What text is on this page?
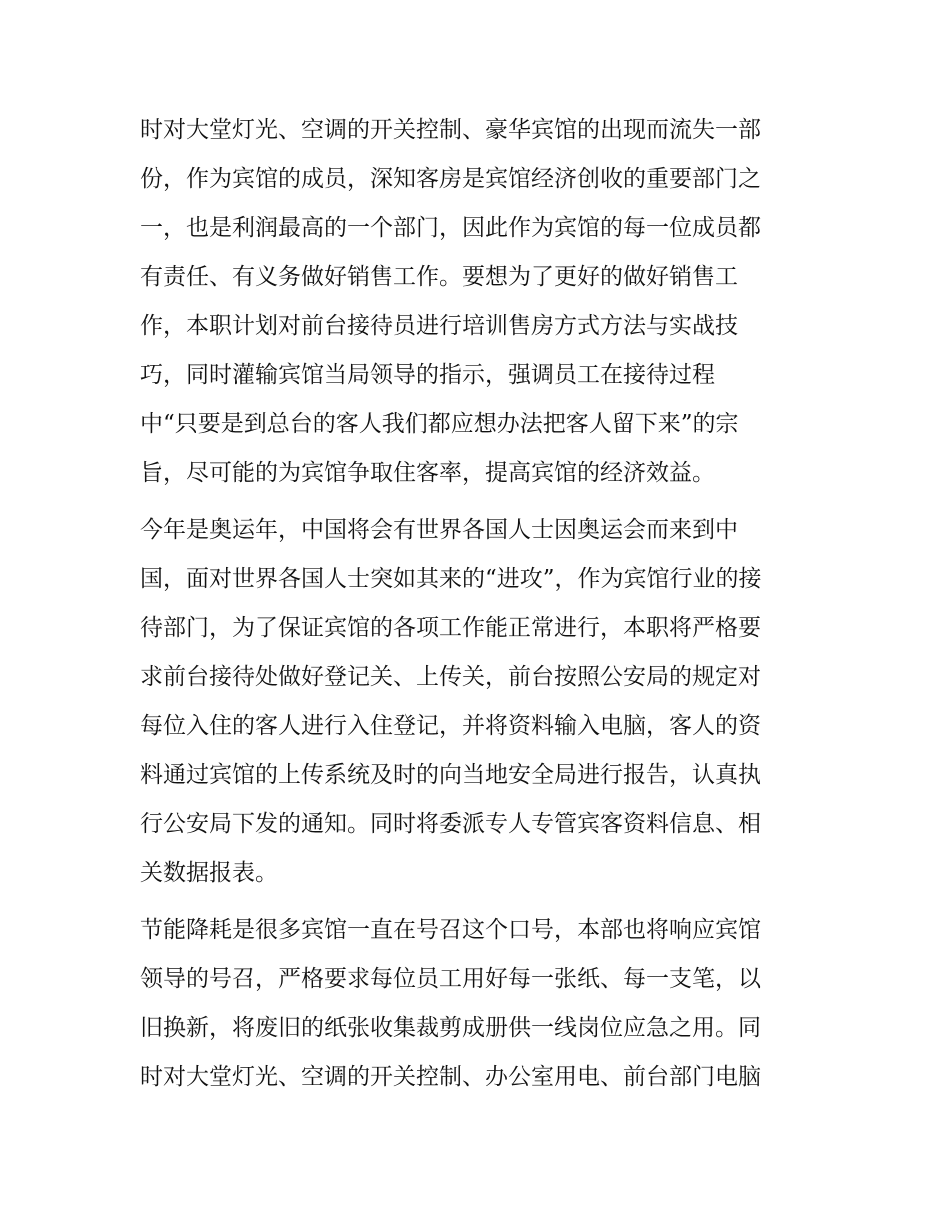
时对大堂灯光、空调的开关控制、豪华宾馆的出现而流失一部
份，作为宾馆的成员，深知客房是宾馆经济创收的重要部门之
一，也是利润最高的一个部门，因此作为宾馆的每一位成员都
有责任、有义务做好销售工作。要想为了更好的做好销售工
作，本职计划对前台接待员进行培训售房方式方法与实战技
巧，同时灌输宾馆当局领导的指示，强调员工在接待过程
中“只要是到总台的客人我们都应想办法把客人留下来”的宗
旨，尽可能的为宾馆争取住客率，提高宾馆的经济效益。
今年是奥运年，中国将会有世界各国人士因奥运会而来到中
国，面对世界各国人士突如其来的“进攻”，作为宾馆行业的接
待部门，为了保证宾馆的各项工作能正常进行，本职将严格要
求前台接待处做好登记关、上传关，前台按照公安局的规定对
每位入住的客人进行入住登记，并将资料输入电脑，客人的资
料通过宾馆的上传系统及时的向当地安全局进行报告，认真执
行公安局下发的通知。同时将委派专人专管宾客资料信息、相
关数据报表。
节能降耗是很多宾馆一直在号召这个口号，本部也将响应宾馆
领导的号召，严格要求每位员工用好每一张纸、每一支笔，以
旧换新，将废旧的纸张收集裁剪成册供一线岗位应急之用。同
时对大堂灯光、空调的开关控制、办公室用电、前台部门电脑
